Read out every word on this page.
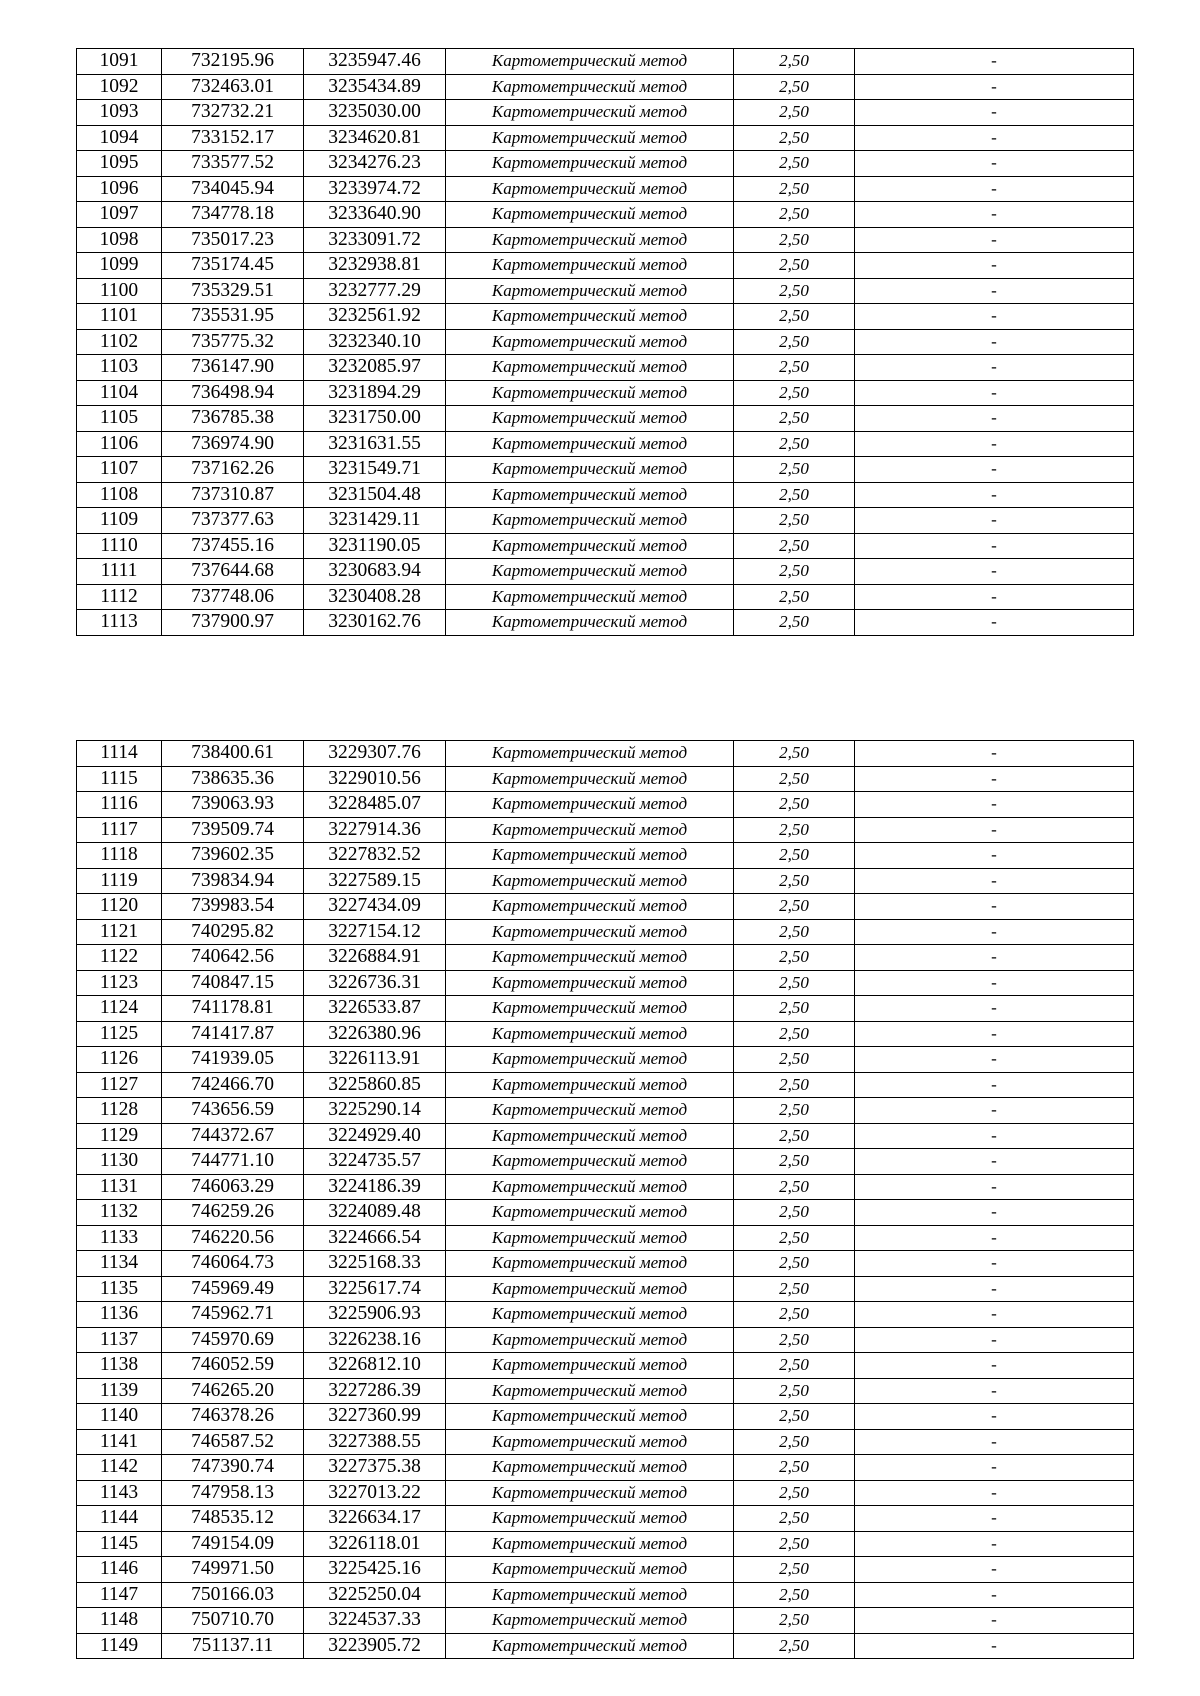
1091	732195.96	3235947.46	Картометрический метод	2,50	-
1092	732463.01	3235434.89	Картометрический метод	2,50	-
1093	732732.21	3235030.00	Картометрический метод	2,50	-
1094	733152.17	3234620.81	Картометрический метод	2,50	-
1095	733577.52	3234276.23	Картометрический метод	2,50	-
1096	734045.94	3233974.72	Картометрический метод	2,50	-
1097	734778.18	3233640.90	Картометрический метод	2,50	-
1098	735017.23	3233091.72	Картометрический метод	2,50	-
1099	735174.45	3232938.81	Картометрический метод	2,50	-
1100	735329.51	3232777.29	Картометрический метод	2,50	-
1101	735531.95	3232561.92	Картометрический метод	2,50	-
1102	735775.32	3232340.10	Картометрический метод	2,50	-
1103	736147.90	3232085.97	Картометрический метод	2,50	-
1104	736498.94	3231894.29	Картометрический метод	2,50	-
1105	736785.38	3231750.00	Картометрический метод	2,50	-
1106	736974.90	3231631.55	Картометрический метод	2,50	-
1107	737162.26	3231549.71	Картометрический метод	2,50	-
1108	737310.87	3231504.48	Картометрический метод	2,50	-
1109	737377.63	3231429.11	Картометрический метод	2,50	-
1110	737455.16	3231190.05	Картометрический метод	2,50	-
1111	737644.68	3230683.94	Картометрический метод	2,50	-
1112	737748.06	3230408.28	Картометрический метод	2,50	-
1113	737900.97	3230162.76	Картометрический метод	2,50	-
1114	738400.61	3229307.76	Картометрический метод	2,50	-
1115	738635.36	3229010.56	Картометрический метод	2,50	-
1116	739063.93	3228485.07	Картометрический метод	2,50	-
1117	739509.74	3227914.36	Картометрический метод	2,50	-
1118	739602.35	3227832.52	Картометрический метод	2,50	-
1119	739834.94	3227589.15	Картометрический метод	2,50	-
1120	739983.54	3227434.09	Картометрический метод	2,50	-
1121	740295.82	3227154.12	Картометрический метод	2,50	-
1122	740642.56	3226884.91	Картометрический метод	2,50	-
1123	740847.15	3226736.31	Картометрический метод	2,50	-
1124	741178.81	3226533.87	Картометрический метод	2,50	-
1125	741417.87	3226380.96	Картометрический метод	2,50	-
1126	741939.05	3226113.91	Картометрический метод	2,50	-
1127	742466.70	3225860.85	Картометрический метод	2,50	-
1128	743656.59	3225290.14	Картометрический метод	2,50	-
1129	744372.67	3224929.40	Картометрический метод	2,50	-
1130	744771.10	3224735.57	Картометрический метод	2,50	-
1131	746063.29	3224186.39	Картометрический метод	2,50	-
1132	746259.26	3224089.48	Картометрический метод	2,50	-
1133	746220.56	3224666.54	Картометрический метод	2,50	-
1134	746064.73	3225168.33	Картометрический метод	2,50	-
1135	745969.49	3225617.74	Картометрический метод	2,50	-
1136	745962.71	3225906.93	Картометрический метод	2,50	-
1137	745970.69	3226238.16	Картометрический метод	2,50	-
1138	746052.59	3226812.10	Картометрический метод	2,50	-
1139	746265.20	3227286.39	Картометрический метод	2,50	-
1140	746378.26	3227360.99	Картометрический метод	2,50	-
1141	746587.52	3227388.55	Картометрический метод	2,50	-
1142	747390.74	3227375.38	Картометрический метод	2,50	-
1143	747958.13	3227013.22	Картометрический метод	2,50	-
1144	748535.12	3226634.17	Картометрический метод	2,50	-
1145	749154.09	3226118.01	Картометрический метод	2,50	-
1146	749971.50	3225425.16	Картометрический метод	2,50	-
1147	750166.03	3225250.04	Картометрический метод	2,50	-
1148	750710.70	3224537.33	Картометрический метод	2,50	-
1149	751137.11	3223905.72	Картометрический метод	2,50	-
